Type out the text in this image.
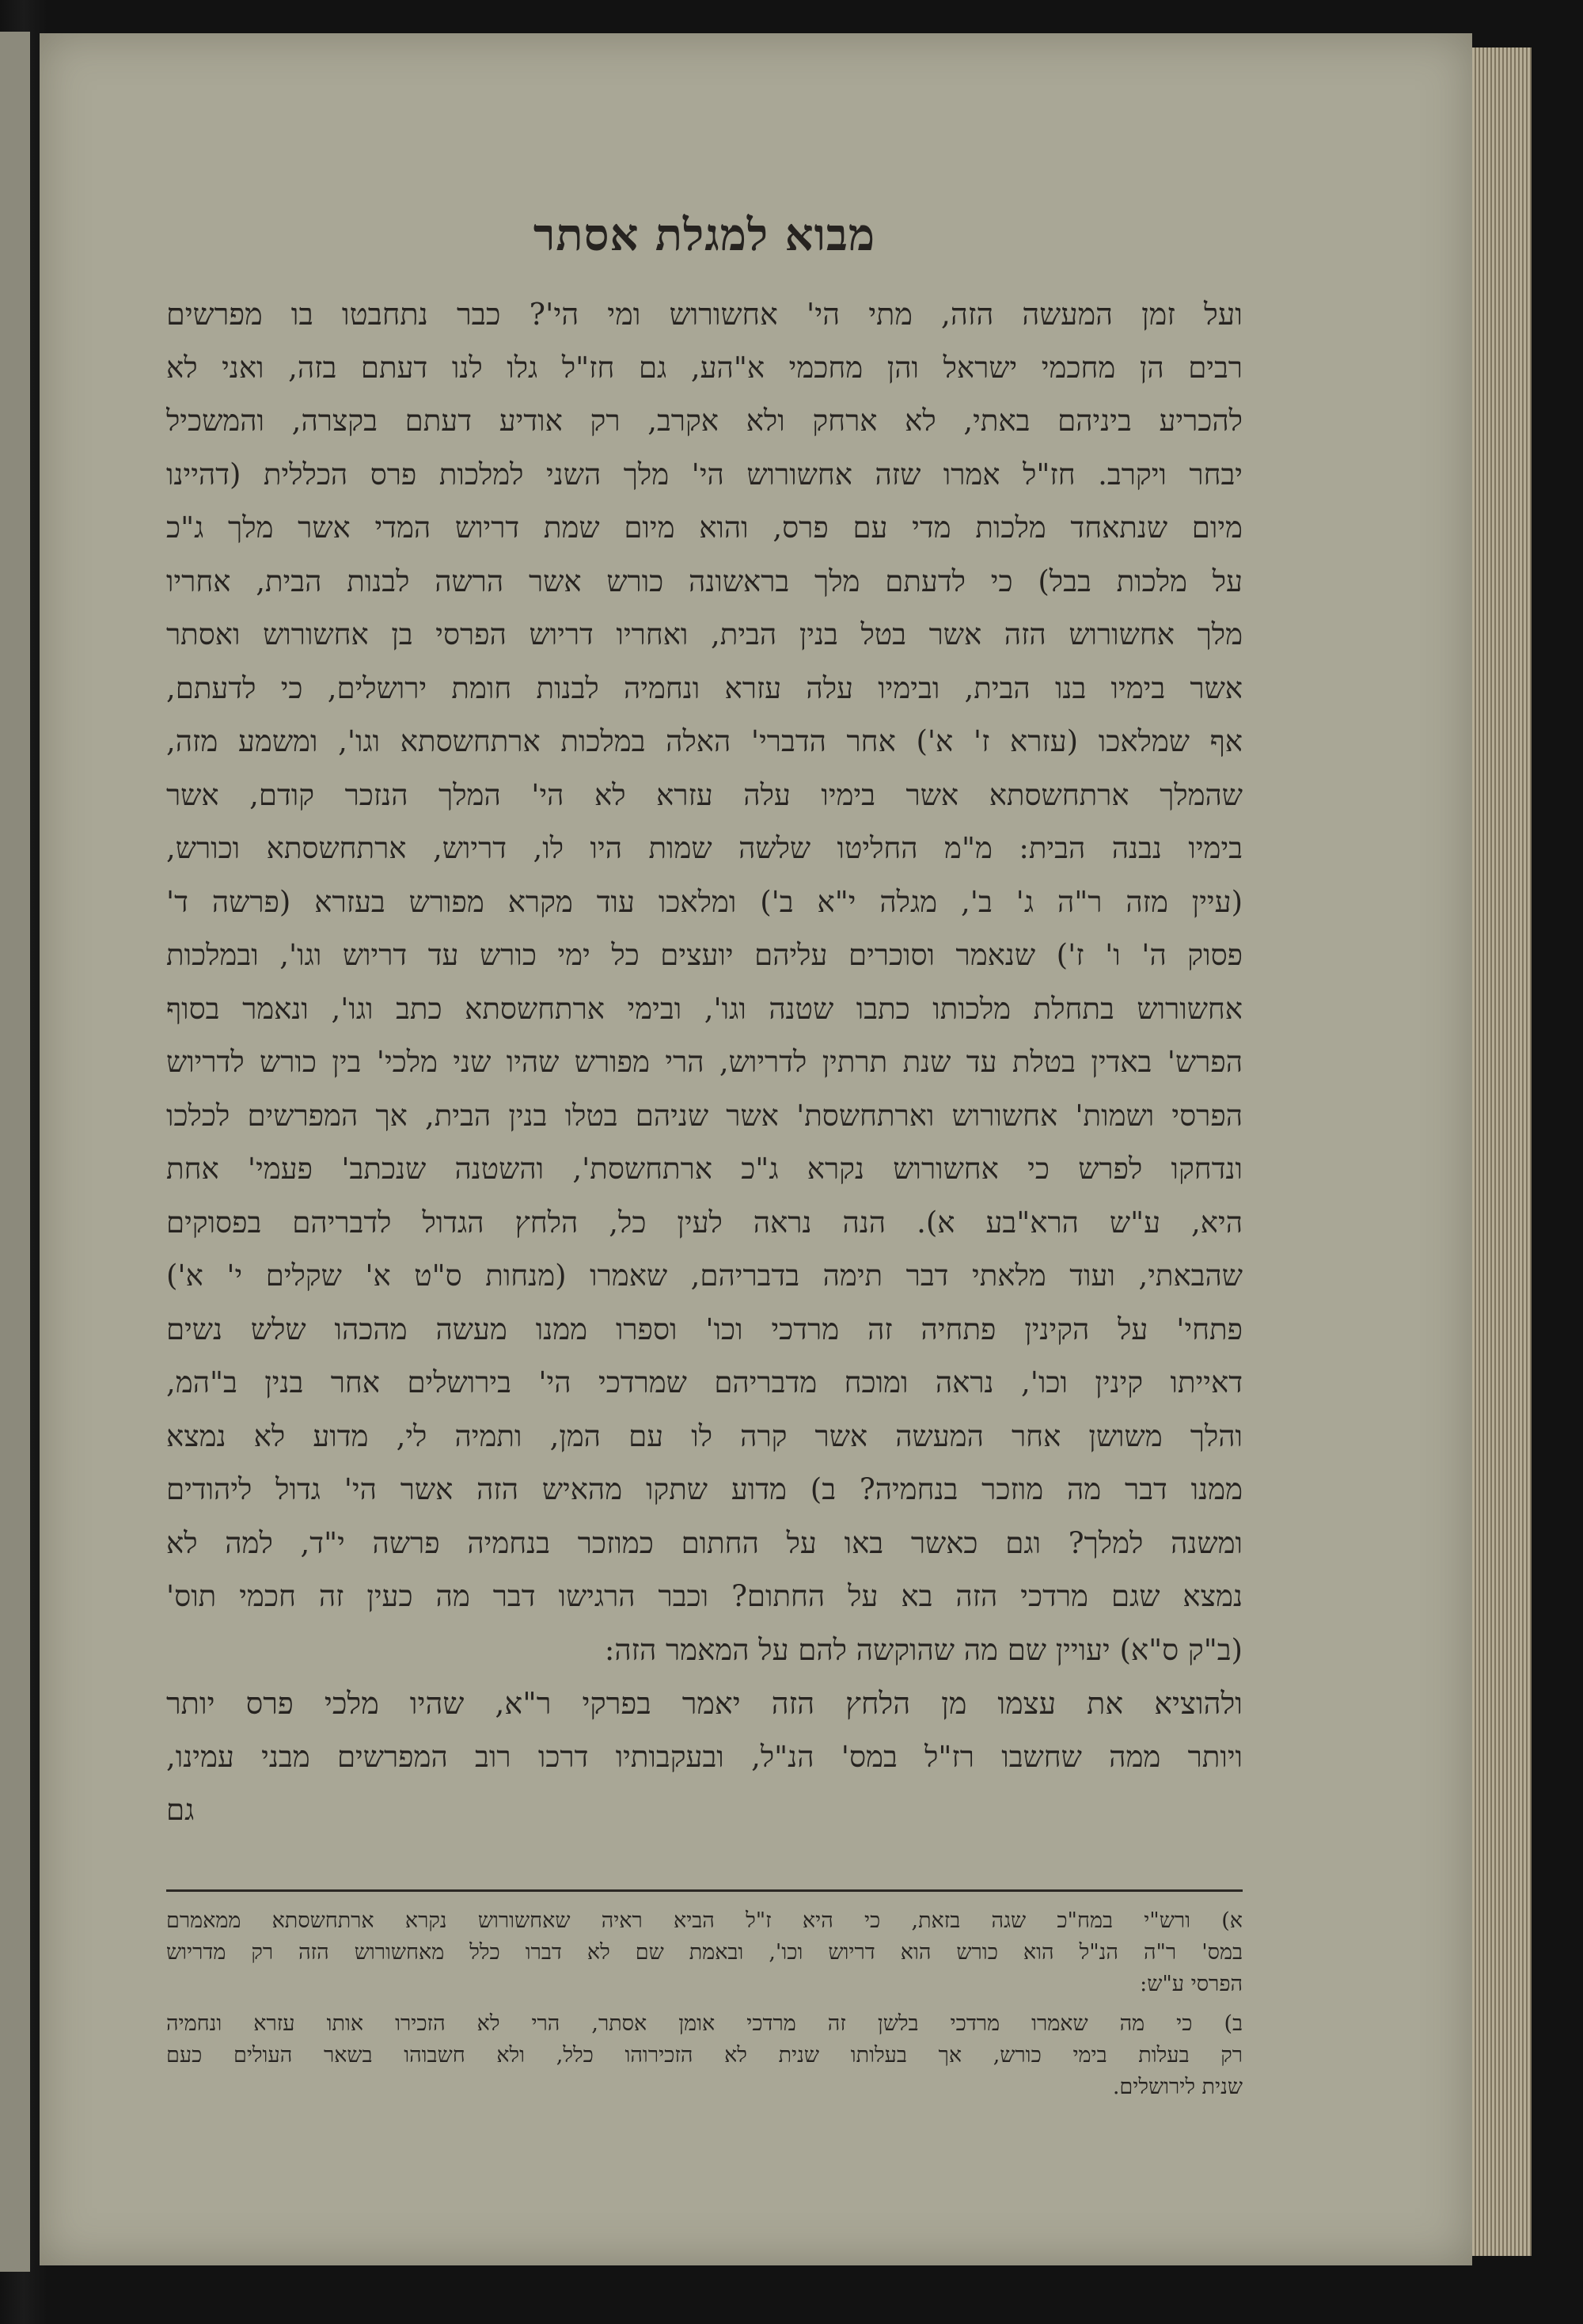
מבוא למגלת אסתר
ועל זמן המעשה הזה, מתי הי' אחשורוש ומי הי'? כבר נתחבטו בו מפרשים
רבים הן מחכמי ישראל והן מחכמי א"הע, גם חז"ל גלו לנו דעתם בזה, ואני לא
להכריע ביניהם באתי, לא ארחק ולא אקרב, רק אודיע דעתם בקצרה, והמשכיל
יבחר ויקרב. חז"ל אמרו שזה אחשורוש הי' מלך השני למלכות פרס הכללית (דהיינו
מיום שנתאחד מלכות מדי עם פרס, והוא מיום שמת דריוש המדי אשר מלך ג"כ
על מלכות בבל) כי לדעתם מלך בראשונה כורש אשר הרשה לבנות הבית, אחריו
מלך אחשורוש הזה אשר בטל בנין הבית, ואחריו דריוש הפרסי בן אחשורוש ואסתר
אשר בימיו בנו הבית, ובימיו עלה עזרא ונחמיה לבנות חומת ירושלים, כי לדעתם,
אף שמלאכו (עזרא ז' א') אחר הדברי' האלה במלכות ארתחשסתא וגו', ומשמע מזה,
שהמלך ארתחשסתא אשר בימיו עלה עזרא לא הי' המלך הנזכר קודם, אשר
בימיו נבנה הבית: מ"מ החליטו שלשה שמות היו לו, דריוש, ארתחשסתא וכורש,
(עיין מזה ר"ה ג' ב', מגלה י"א ב') ומלאכו עוד מקרא מפורש בעזרא (פרשה ד'
פסוק ה' ו' ז') שנאמר וסוכרים עליהם יועצים כל ימי כורש עד דריוש וגו', ובמלכות
אחשורוש בתחלת מלכותו כתבו שטנה וגו', ובימי ארתחשסתא כתב וגו', ונאמר בסוף
הפרש' באדין בטלת עד שנת תרתין לדריוש, הרי מפורש שהיו שני מלכי' בין כורש לדריוש
הפרסי ושמות' אחשורוש וארתחשסת' אשר שניהם בטלו בנין הבית, אך המפרשים לכלכו
ונדחקו לפרש כי אחשורוש נקרא ג"כ ארתחשסת', והשטנה שנכתב' פעמי' אחת
היא, ע"ש הרא"בע א). הנה נראה לעין כל, הלחץ הגדול לדבריהם בפסוקים
שהבאתי, ועוד מלאתי דבר תימה בדבריהם, שאמרו (מנחות ס"ט א' שקלים י' א')
פתחי' על הקינין פתחיה זה מרדכי וכו' וספרו ממנו מעשה מהכהו שלש נשים
דאייתו קינין וכו', נראה ומוכח מדבריהם שמרדכי הי' בירושלים אחר בנין ב"המ,
והלך משושן אחר המעשה אשר קרה לו עם המן, ותמיה לי, מדוע לא נמצא
ממנו דבר מה מוזכר בנחמיה? ב) מדוע שתקו מהאיש הזה אשר הי' גדול ליהודים
ומשנה למלך? וגם כאשר באו על החתום כמוזכר בנחמיה פרשה י"ד, למה לא
נמצא שגם מרדכי הזה בא על החתום? וכבר הרגישו דבר מה כעין זה חכמי תוס'
(ב"ק ס"א) יעויין שם מה שהוקשה להם על המאמר הזה:
ולהוציא את עצמו מן הלחץ הזה יאמר בפרקי ר"א, שהיו מלכי פרס יותר
ויותר ממה שחשבו רז"ל במס' הנ"ל, ובעקבותיו דרכו רוב המפרשים מבני עמינו,
גם
א) ורש"י במח"כ שגה בזאת, כי היא ז"ל הביא ראיה שאחשורוש נקרא ארתחשסתא ממאמרם
במס' ר"ה הנ"ל הוא כורש הוא דריוש וכו', ובאמת שם לא דברו כלל מאחשורוש הזה רק מדריוש
הפרסי ע"ש:
ב) כי מה שאמרו מרדכי בלשן זה מרדכי אומן אסתר, הרי לא הזכירו אותו עזרא ונחמיה
רק בעלות בימי כורש, אך בעלותו שנית לא הזכירוהו כלל, ולא חשבוהו בשאר העולים כעם
שנית לירושלים.
